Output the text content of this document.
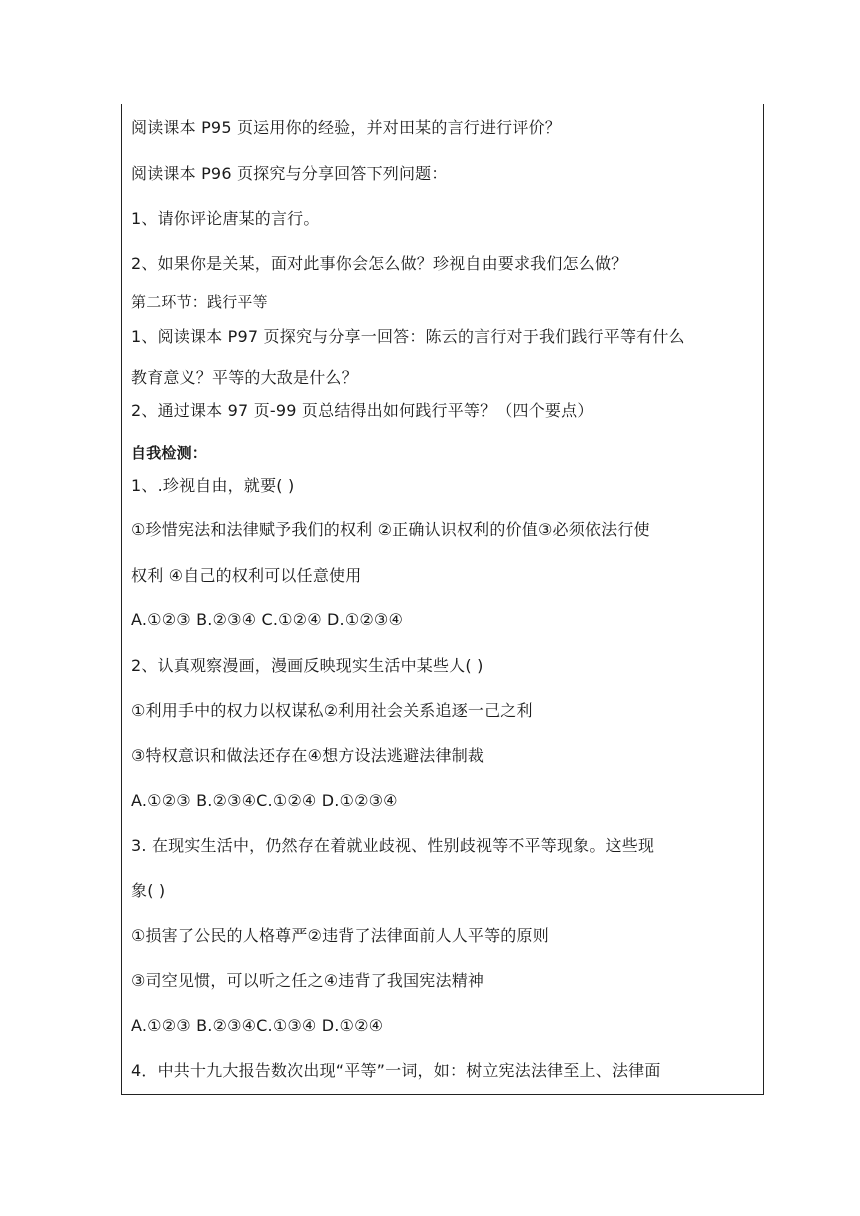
阅读课本 P95 页运用你的经验，并对田某的言行进行评价？
阅读课本 P96 页探究与分享回答下列问题：
1、请你评论唐某的言行。
2、如果你是关某，面对此事你会怎么做？珍视自由要求我们怎么做？
第二环节：践行平等
1、阅读课本 P97 页探究与分享一回答：陈云的言行对于我们践行平等有什么
教育意义？平等的大敌是什么？
2、通过课本 97 页-99 页总结得出如何践行平等？（四个要点）
自我检测：
1、.珍视自由，就要( )
①珍惜宪法和法律赋予我们的权利 ②正确认识权利的价值③必须依法行使
权利 ④自己的权利可以任意使用
A.①②③ B.②③④ C.①②④ D.①②③④
2、认真观察漫画，漫画反映现实生活中某些人( )
①利用手中的权力以权谋私②利用社会关系追逐一己之利
③特权意识和做法还存在④想方设法逃避法律制裁
A.①②③ B.②③④C.①②④ D.①②③④
3. 在现实生活中，仍然存在着就业歧视、性别歧视等不平等现象。这些现
象( )
①损害了公民的人格尊严②违背了法律面前人人平等的原则
③司空见惯，可以听之任之④违背了我国宪法精神
A.①②③ B.②③④C.①③④ D.①②④
4．中共十九大报告数次出现“平等”一词，如：树立宪法法律至上、法律面
